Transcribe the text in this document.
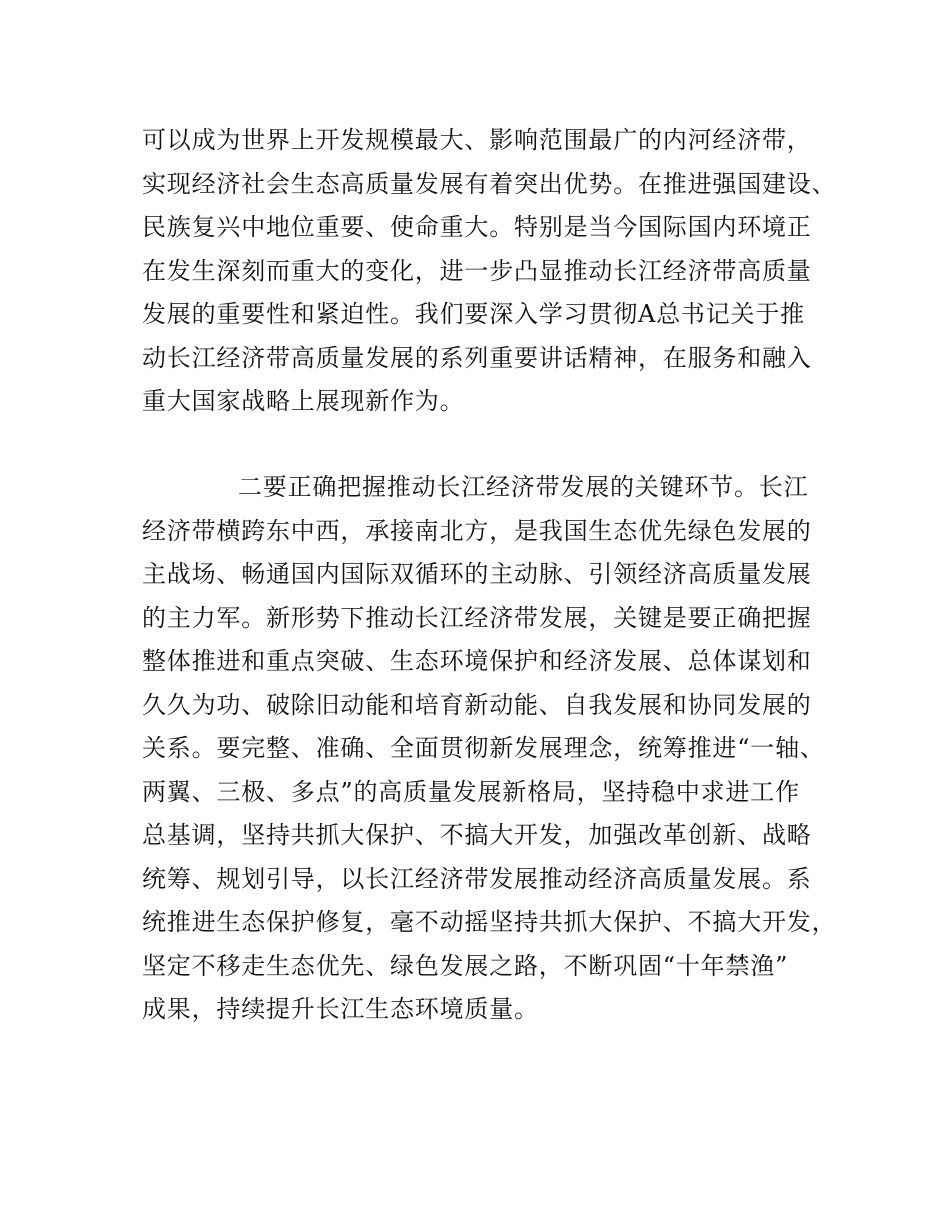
可以成为世界上开发规模最大、影响范围最广的内河经济带，
实现经济社会生态高质量发展有着突出优势。在推进强国建设、
民族复兴中地位重要、使命重大。特别是当今国际国内环境正
在发生深刻而重大的变化，进一步凸显推动长江经济带高质量
发展的重要性和紧迫性。我们要深入学习贯彻A总书记关于推
动长江经济带高质量发展的系列重要讲话精神，在服务和融入
重大国家战略上展现新作为。
二要正确把握推动长江经济带发展的关键环节。长江
经济带横跨东中西，承接南北方，是我国生态优先绿色发展的
主战场、畅通国内国际双循环的主动脉、引领经济高质量发展
的主力军。新形势下推动长江经济带发展，关键是要正确把握
整体推进和重点突破、生态环境保护和经济发展、总体谋划和
久久为功、破除旧动能和培育新动能、自我发展和协同发展的
关系。要完整、准确、全面贯彻新发展理念，统筹推进“一轴、
两翼、三极、多点”的高质量发展新格局，坚持稳中求进工作
总基调，坚持共抓大保护、不搞大开发，加强改革创新、战略
统筹、规划引导，以长江经济带发展推动经济高质量发展。系
统推进生态保护修复，毫不动摇坚持共抓大保护、不搞大开发，
坚定不移走生态优先、绿色发展之路，不断巩固“十年禁渔”
成果，持续提升长江生态环境质量。
